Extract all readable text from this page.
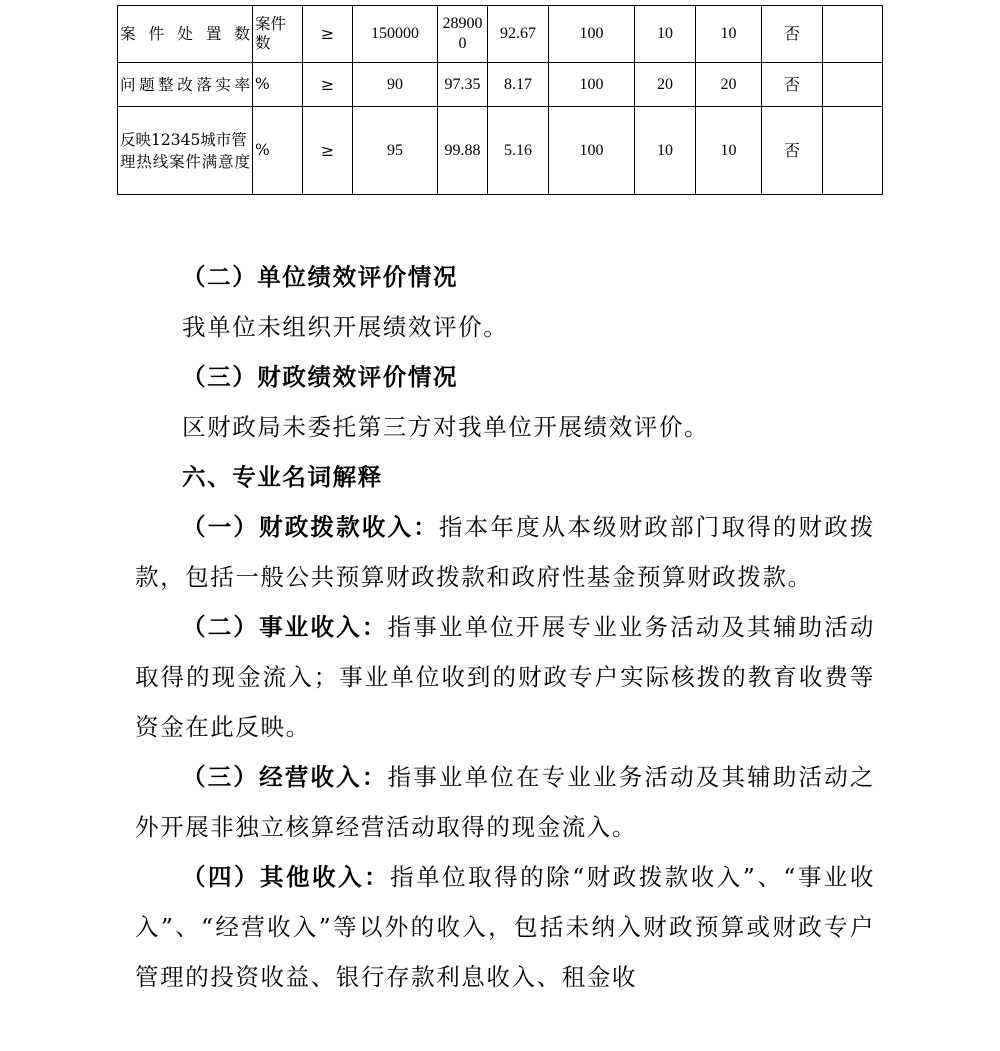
案件处置数	案件数	≥	150000	289000	92.67	100	10	10	否	
问题整改落实率	%	≥	90	97.35	8.17	100	20	20	否	
反映12345城市管理热线案件满意度	%	≥	95	99.88	5.16	100	10	10	否	

（二）单位绩效评价情况

我单位未组织开展绩效评价。

（三）财政绩效评价情况

区财政局未委托第三方对我单位开展绩效评价。

六、专业名词解释

（一）财政拨款收入：指本年度从本级财政部门取得的财政拨款，包括一般公共预算财政拨款和政府性基金预算财政拨款。

（二）事业收入：指事业单位开展专业业务活动及其辅助活动取得的现金流入；事业单位收到的财政专户实际核拨的教育收费等资金在此反映。

（三）经营收入：指事业单位在专业业务活动及其辅助活动之外开展非独立核算经营活动取得的现金流入。

（四）其他收入：指单位取得的除“财政拨款收入”、“事业收入”、“经营收入”等以外的收入，包括未纳入财政预算或财政专户管理的投资收益、银行存款利息收入、租金收
